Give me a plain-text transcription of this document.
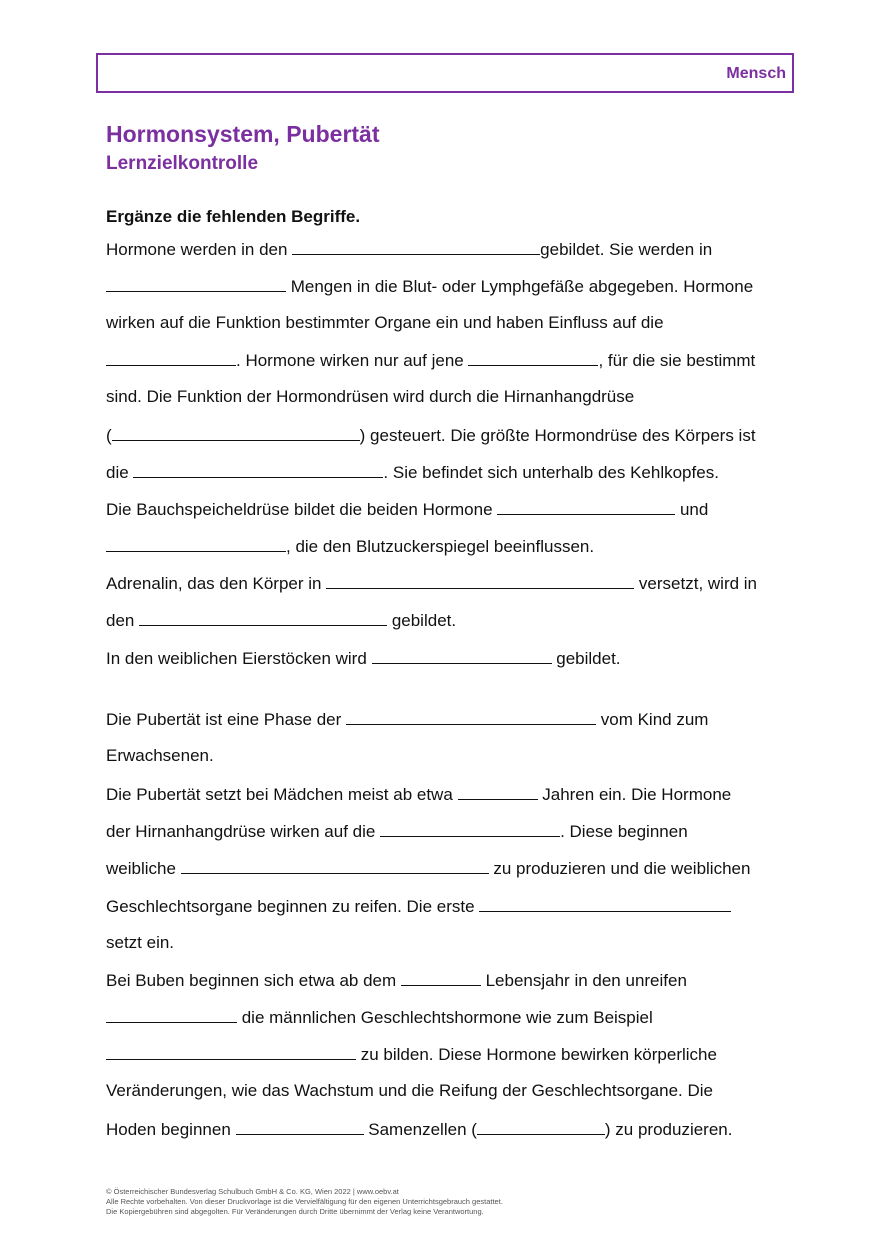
Mensch
Hormonsystem, Pubertät
Lernzielkontrolle
Ergänze die fehlenden Begriffe.
Hormone werden in den	gebildet. Sie werden in
Mengen in die Blut- oder Lymphgefäße abgegeben. Hormone
wirken auf die Funktion bestimmter Organe ein und haben Einfluss auf die
. Hormone wirken nur auf jene	, für die sie bestimmt
sind. Die Funktion der Hormondrüsen wird durch die Hirnanhangdrüse
(	) gesteuert. Die größte Hormondrüse des Körpers ist
die	. Sie befindet sich unterhalb des Kehlkopfes.
Die Bauchspeicheldrüse bildet die beiden Hormone	und
, die den Blutzuckerspiegel beeinflussen.
Adrenalin, das den Körper in	versetzt, wird in
den	gebildet.
In den weiblichen Eierstöcken wird	gebildet.
Die Pubertät ist eine Phase der	vom Kind zum
Erwachsenen.
Die Pubertät setzt bei Mädchen meist ab etwa	Jahren ein. Die Hormone
der Hirnanhangdrüse wirken auf die	. Diese beginnen
weibliche	zu produzieren und die weiblichen
Geschlechtsorgane beginnen zu reifen. Die erste
setzt ein.
Bei Buben beginnen sich etwa ab dem	Lebensjahr in den unreifen
die männlichen Geschlechtshormone wie zum Beispiel
zu bilden. Diese Hormone bewirken körperliche
Veränderungen, wie das Wachstum und die Reifung der Geschlechtsorgane. Die
Hoden beginnen	Samenzellen (	) zu produzieren.
© Österreichischer Bundesverlag Schulbuch GmbH & Co. KG, Wien 2022 | www.oebv.at
Alle Rechte vorbehalten. Von dieser Druckvorlage ist die Vervielfältigung für den eigenen Unterrichtsgebrauch gestattet.
Die Kopiergebühren sind abgegolten. Für Veränderungen durch Dritte übernimmt der Verlag keine Verantwortung.
